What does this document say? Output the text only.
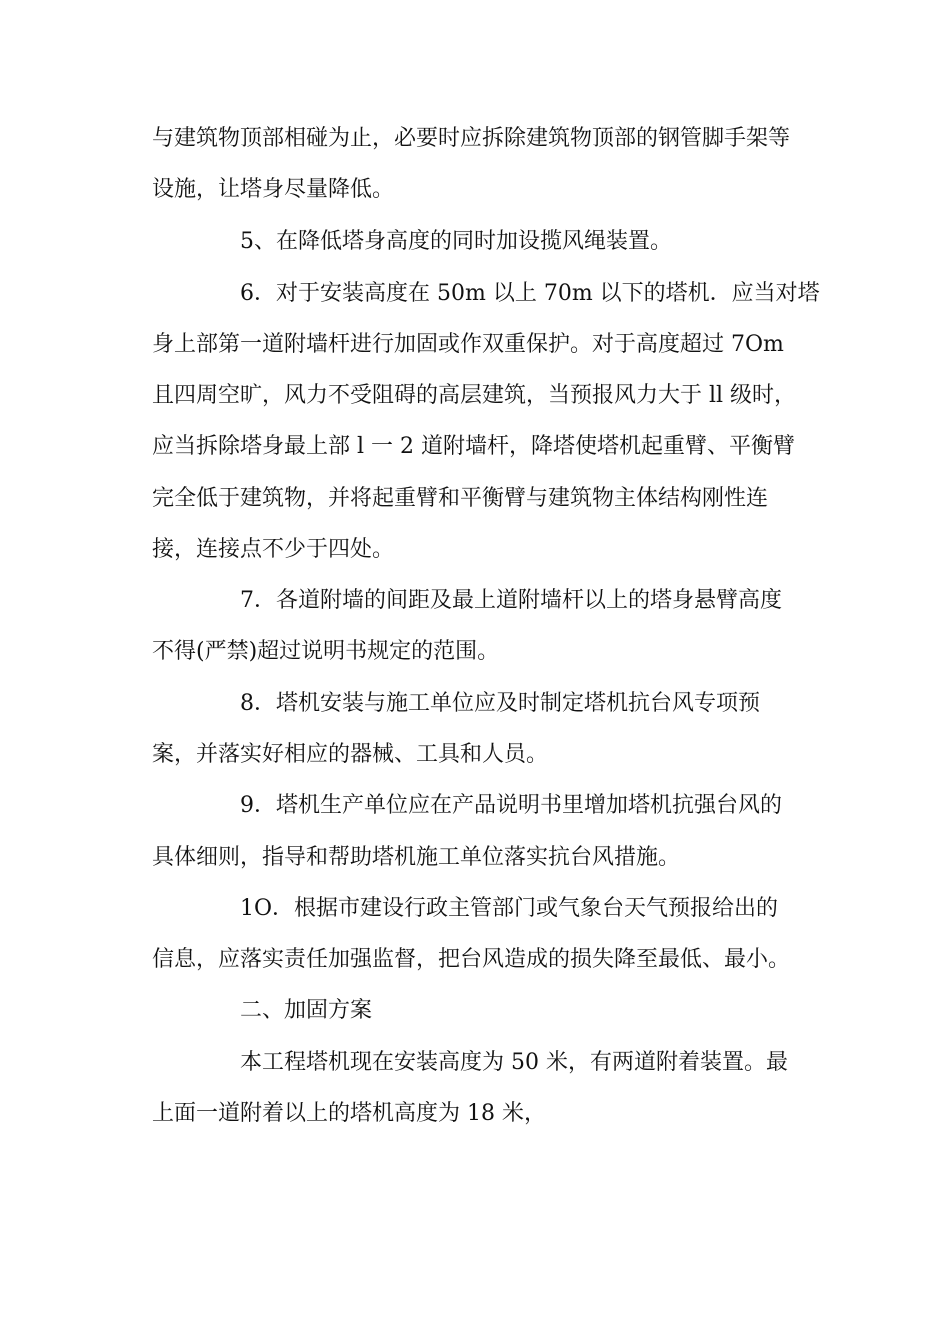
与建筑物顶部相碰为止，必要时应拆除建筑物顶部的钢管脚手架等
设施，让塔身尽量降低。
5、在降低塔身高度的同时加设揽风绳装置。
6．对于安装高度在 50m 以上 70m 以下的塔机．应当对塔
身上部第一道附墙杆进行加固或作双重保护。对于高度超过 7Om
且四周空旷，风力不受阻碍的高层建筑，当预报风力大于 ll 级时，
应当拆除塔身最上部 l 一 2 道附墙杆，降塔使塔机起重臂、平衡臂
完全低于建筑物，并将起重臂和平衡臂与建筑物主体结构刚性连
接，连接点不少于四处。
7．各道附墙的间距及最上道附墙杆以上的塔身悬臂高度
不得(严禁)超过说明书规定的范围。
8．塔机安装与施工单位应及时制定塔机抗台风专项预
案，并落实好相应的器械、工具和人员。
9．塔机生产单位应在产品说明书里增加塔机抗强台风的
具体细则，指导和帮助塔机施工单位落实抗台风措施。
1O．根据市建设行政主管部门或气象台天气预报给出的
信息，应落实责任加强监督，把台风造成的损失降至最低、最小。
二、加固方案
本工程塔机现在安装高度为 50 米，有两道附着装置。最
上面一道附着以上的塔机高度为 18 米，
